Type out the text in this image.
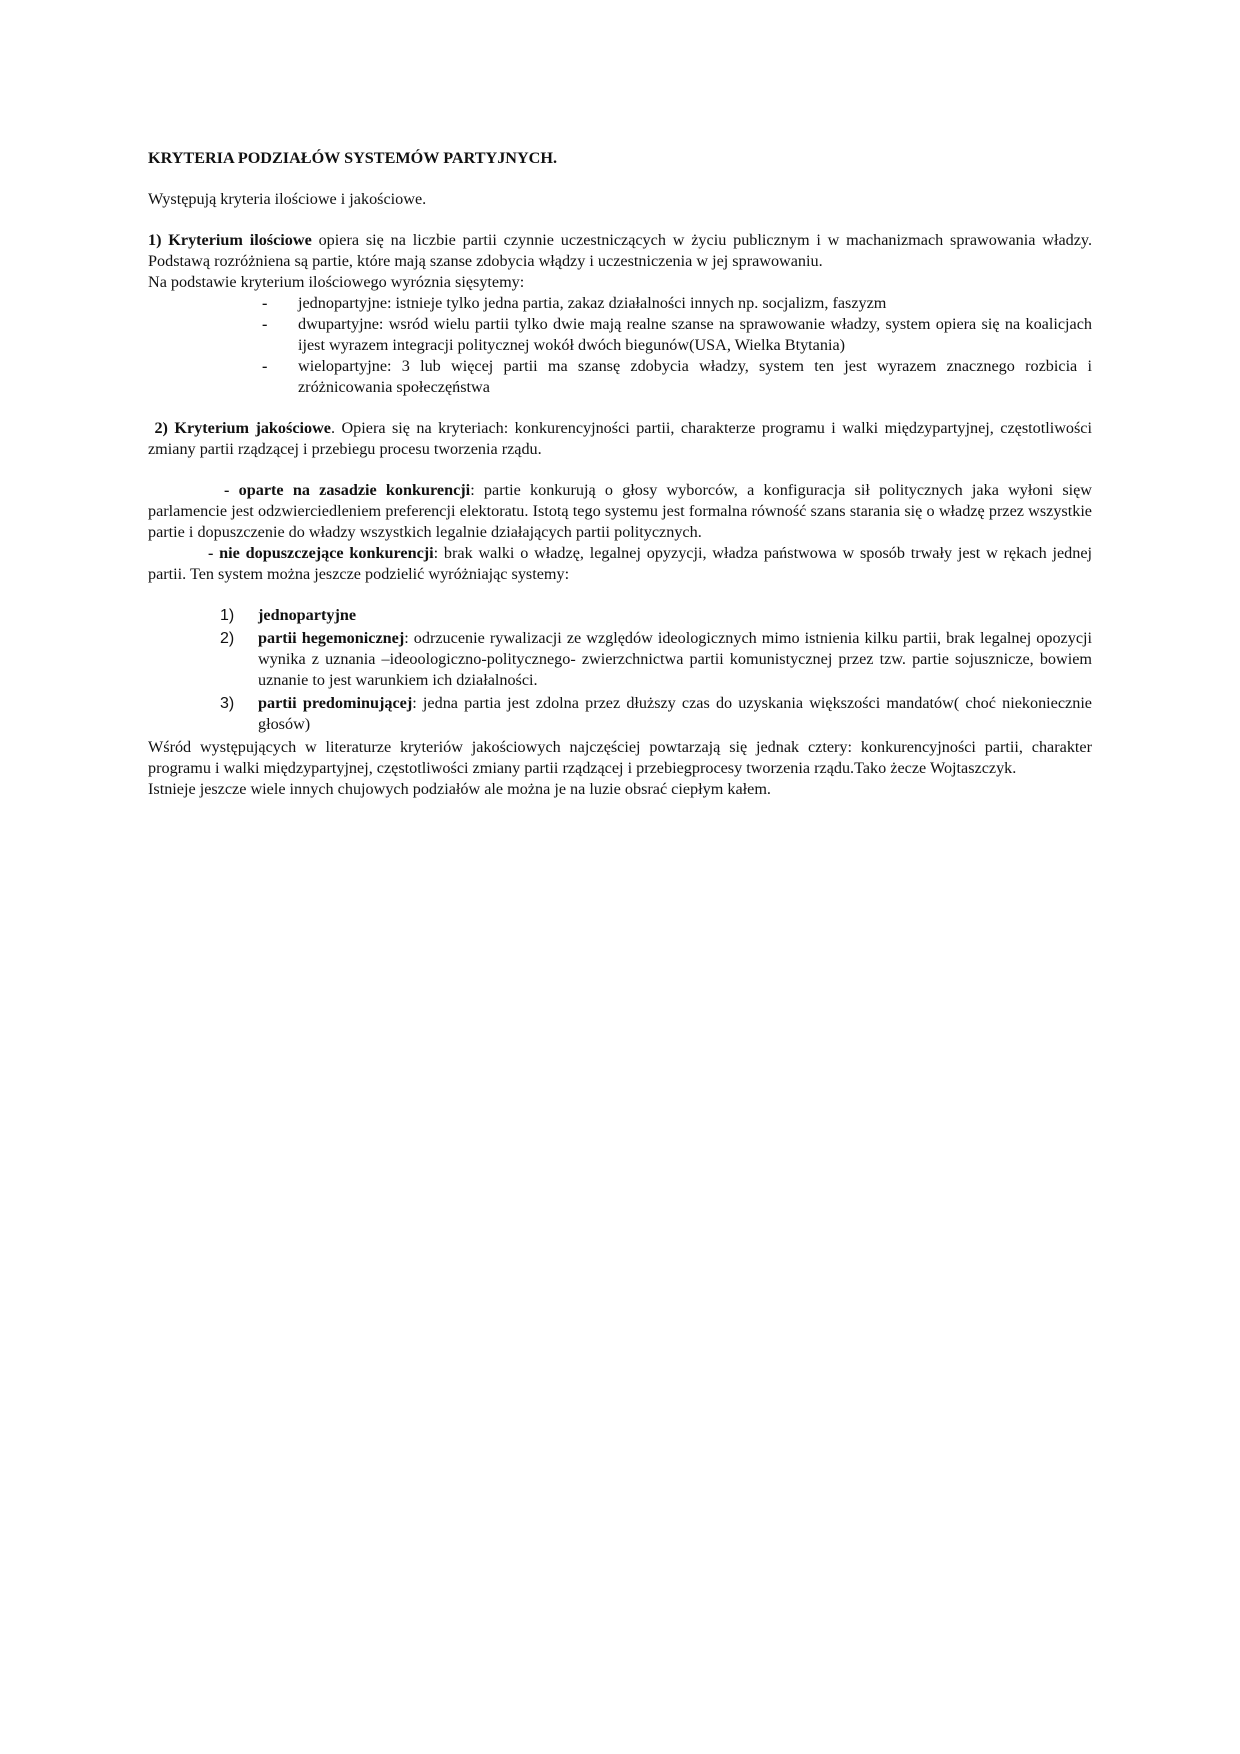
KRYTERIA PODZIAŁÓW SYSTEMÓW PARTYJNYCH.

Występują kryteria ilościowe i jakościowe.

1) Kryterium ilościowe opiera się na liczbie partii czynnie uczestniczących w życiu publicznym i w machanizmach sprawowania władzy. Podstawą rozróżniena są partie, które mają szanse zdobycia włądzy i uczestniczenia w jej sprawowaniu.

Na podstawie kryterium ilościowego wyróznia sięsytemy:

- jednopartyjne: istnieje tylko jedna partia, zakaz działalności innych np. socjalizm, faszyzm
- dwupartyjne: wsród wielu partii tylko dwie mają realne szanse na sprawowanie władzy, system opiera się na koalicjach ijest wyrazem integracji politycznej wokół dwóch biegunów(USA, Wielka Btytania)
- wielopartyjne: 3 lub więcej partii ma szansę zdobycia władzy, system ten jest wyrazem znacznego rozbicia i zróżnicowania społeczęństwa

2) Kryterium jakościowe. Opiera się na kryteriach: konkurencyjności partii, charakterze programu i walki międzypartyjnej, częstotliwości zmiany partii rządzącej i przebiegu procesu tworzenia rządu.

- oparte na zasadzie konkurencji: partie konkurują o głosy wyborców, a konfiguracja sił politycznych jaka wyłoni sięw parlamencie jest odzwierciedleniem preferencji elektoratu. Istotą tego systemu jest formalna równość szans starania się o władzę przez wszystkie partie i dopuszczenie do władzy wszystkich legalnie działających partii politycznych.

- nie dopuszczejące konkurencji: brak walki o władzę, legalnej opyzycji, władza państwowa w sposób trwały jest w rękach jednej partii. Ten system można jeszcze podzielić wyróżniając systemy:

1) jednopartyjne
2) partii hegemonicznej: odrzucenie rywalizacji ze względów ideologicznych mimo istnienia kilku partii, brak legalnej opozycji wynika z uznania –ideoologiczno-politycznego- zwierzchnictwa partii komunistycznej przez tzw. partie sojusznicze, bowiem uznanie to jest warunkiem ich działalności.
3) partii predominującej: jedna partia jest zdolna przez dłuższy czas do uzyskania większości mandatów( choć niekoniecznie głosów)

Wśród występujących w literaturze kryteriów jakościowych najczęściej powtarzają się jednak cztery: konkurencyjności partii, charakter programu i walki międzypartyjnej, częstotliwości zmiany partii rządzącej i przebiegprocesy tworzenia rządu.Tako żecze Wojtaszczyk.

Istnieje jeszcze wiele innych chujowych podziałów ale można je na luzie obsrać ciepłym kałem.
